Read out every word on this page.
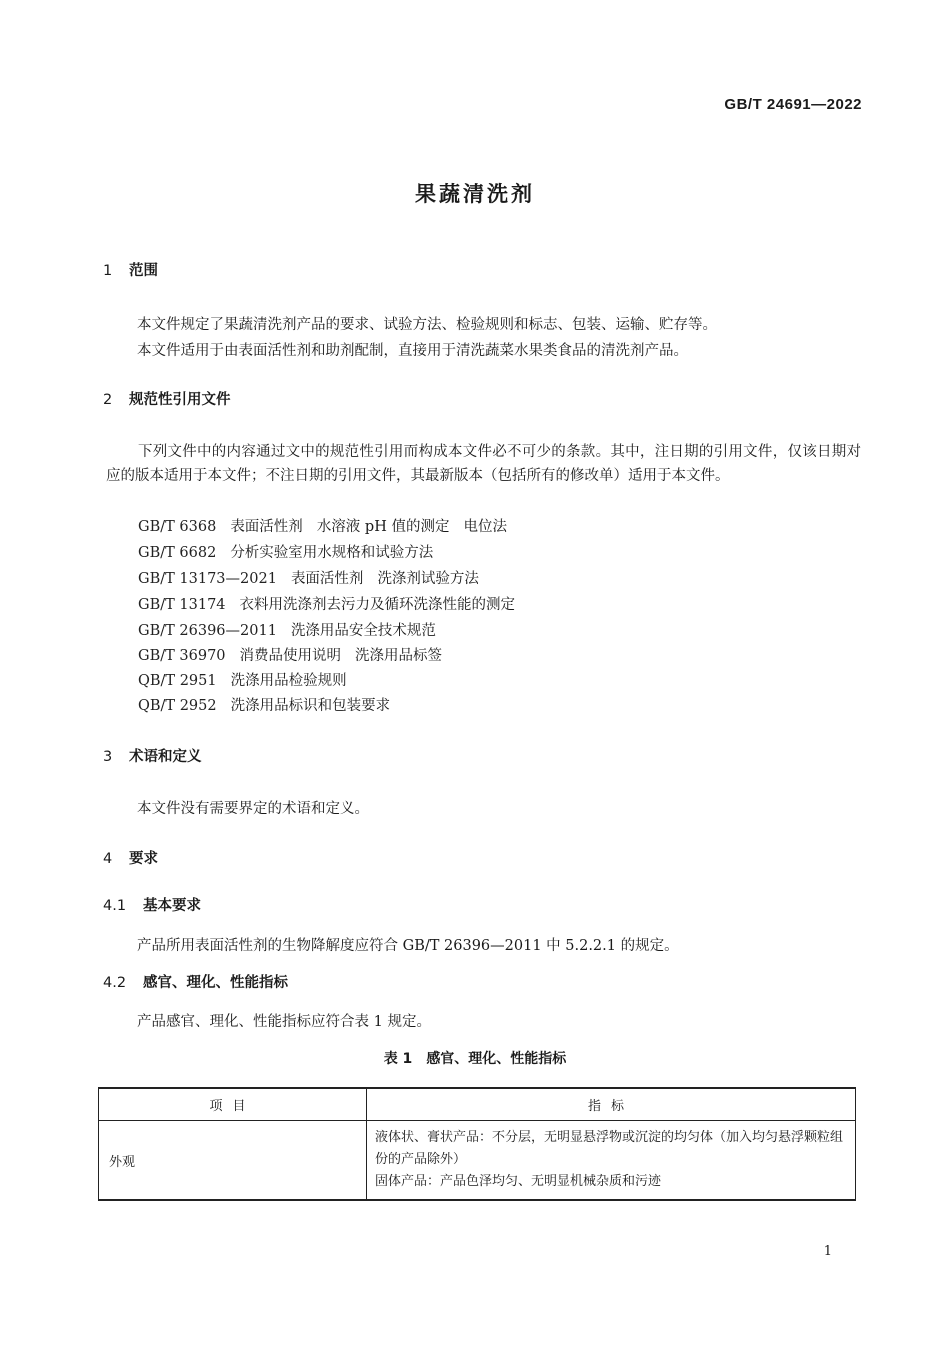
GB/T 24691—2022
果蔬清洗剂
1 范围
本文件规定了果蔬清洗剂产品的要求、试验方法、检验规则和标志、包装、运输、贮存等。
本文件适用于由表面活性剂和助剂配制，直接用于清洗蔬菜水果类食品的清洗剂产品。
2 规范性引用文件
下列文件中的内容通过文中的规范性引用而构成本文件必不可少的条款。其中，注日期的引用文件，仅该日期对应的版本适用于本文件；不注日期的引用文件，其最新版本（包括所有的修改单）适用于本文件。
GB/T 6368 表面活性剂 水溶液 pH 值的测定 电位法
GB/T 6682 分析实验室用水规格和试验方法
GB/T 13173—2021 表面活性剂 洗涤剂试验方法
GB/T 13174 衣料用洗涤剂去污力及循环洗涤性能的测定
GB/T 26396—2011 洗涤用品安全技术规范
GB/T 36970 消费品使用说明 洗涤用品标签
QB/T 2951 洗涤用品检验规则
QB/T 2952 洗涤用品标识和包装要求
3 术语和定义
本文件没有需要界定的术语和定义。
4 要求
4.1 基本要求
产品所用表面活性剂的生物降解度应符合 GB/T 26396—2011 中 5.2.2.1 的规定。
4.2 感官、理化、性能指标
产品感官、理化、性能指标应符合表 1 规定。
表 1 感官、理化、性能指标
项目	指标
外观	液体状、膏状产品：不分层，无明显悬浮物或沉淀的均匀体（加入均匀悬浮颗粒组份的产品除外）
固体产品：产品色泽均匀、无明显机械杂质和污迹
1
